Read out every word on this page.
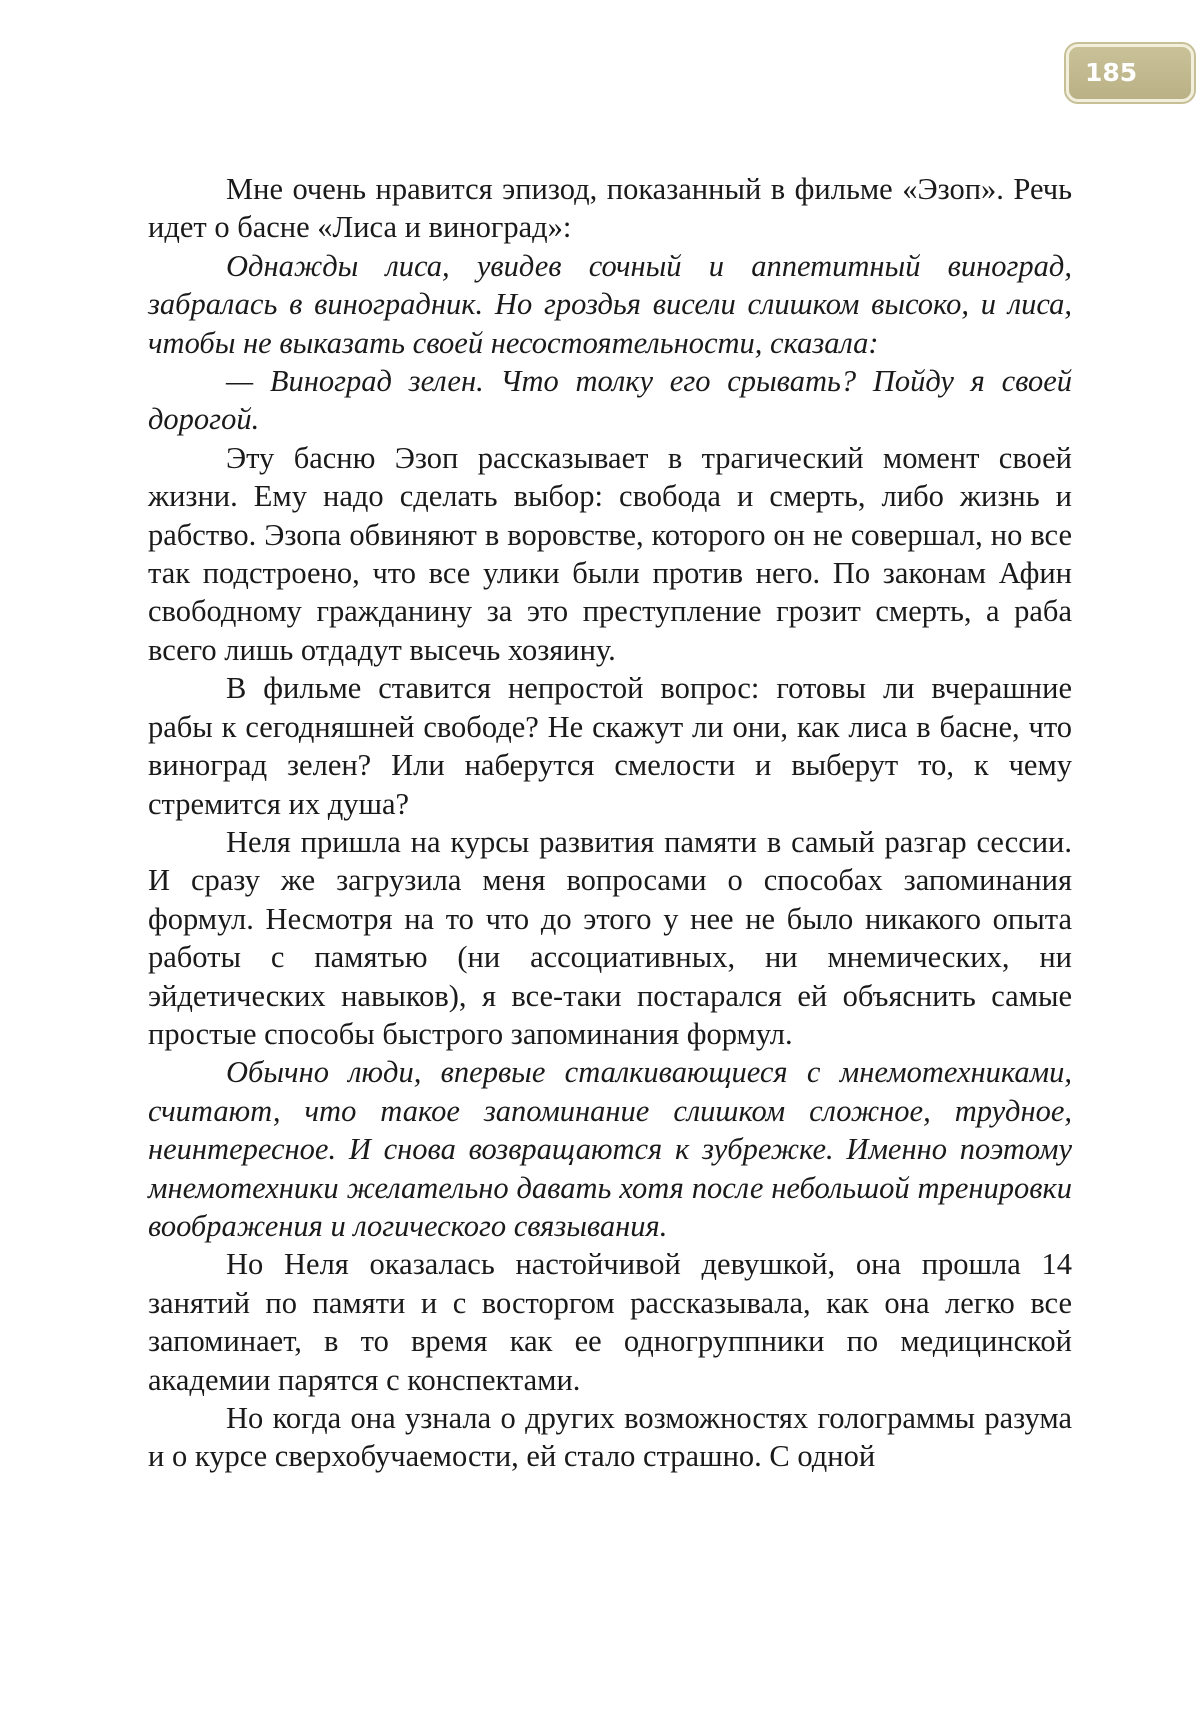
185

Мне очень нравится эпизод, показанный в фильме «Эзоп». Речь идет о басне «Лиса и виноград»:

Однажды лиса, увидев сочный и аппетитный виноград, забралась в виноградник. Но гроздья висели слишком высоко, и лиса, чтобы не выказать своей несостоятельности, сказала:

— Виноград зелен. Что толку его срывать? Пойду я своей дорогой.

Эту басню Эзоп рассказывает в трагический момент своей жизни. Ему надо сделать выбор: свобода и смерть, либо жизнь и рабство. Эзопа обвиняют в воровстве, которого он не совершал, но все так подстроено, что все улики были против него. По законам Афин свободному гражданину за это преступление грозит смерть, а раба всего лишь отдадут высечь хозяину.

В фильме ставится непростой вопрос: готовы ли вчерашние рабы к сегодняшней свободе? Не скажут ли они, как лиса в басне, что виноград зелен? Или наберутся смелости и выберут то, к чему стремится их душа?

Неля пришла на курсы развития памяти в самый разгар сессии. И сразу же загрузила меня вопросами о способах запоминания формул. Несмотря на то что до этого у нее не было никакого опыта работы с памятью (ни ассоциативных, ни мнемических, ни эйдетических навыков), я все-таки постарался ей объяснить самые простые способы быстрого запоминания формул.

Обычно люди, впервые сталкивающиеся с мнемотехниками, считают, что такое запоминание слишком сложное, трудное, неинтересное. И снова возвращаются к зубрежке. Именно поэтому мнемотехники желательно давать хотя после небольшой тренировки воображения и логического связывания.

Но Неля оказалась настойчивой девушкой, она прошла 14 занятий по памяти и с восторгом рассказывала, как она легко все запоминает, в то время как ее одногруппники по медицинской академии парятся с конспектами.

Но когда она узнала о других возможностях голограммы разума и о курсе сверхобучаемости, ей стало страшно. С одной
